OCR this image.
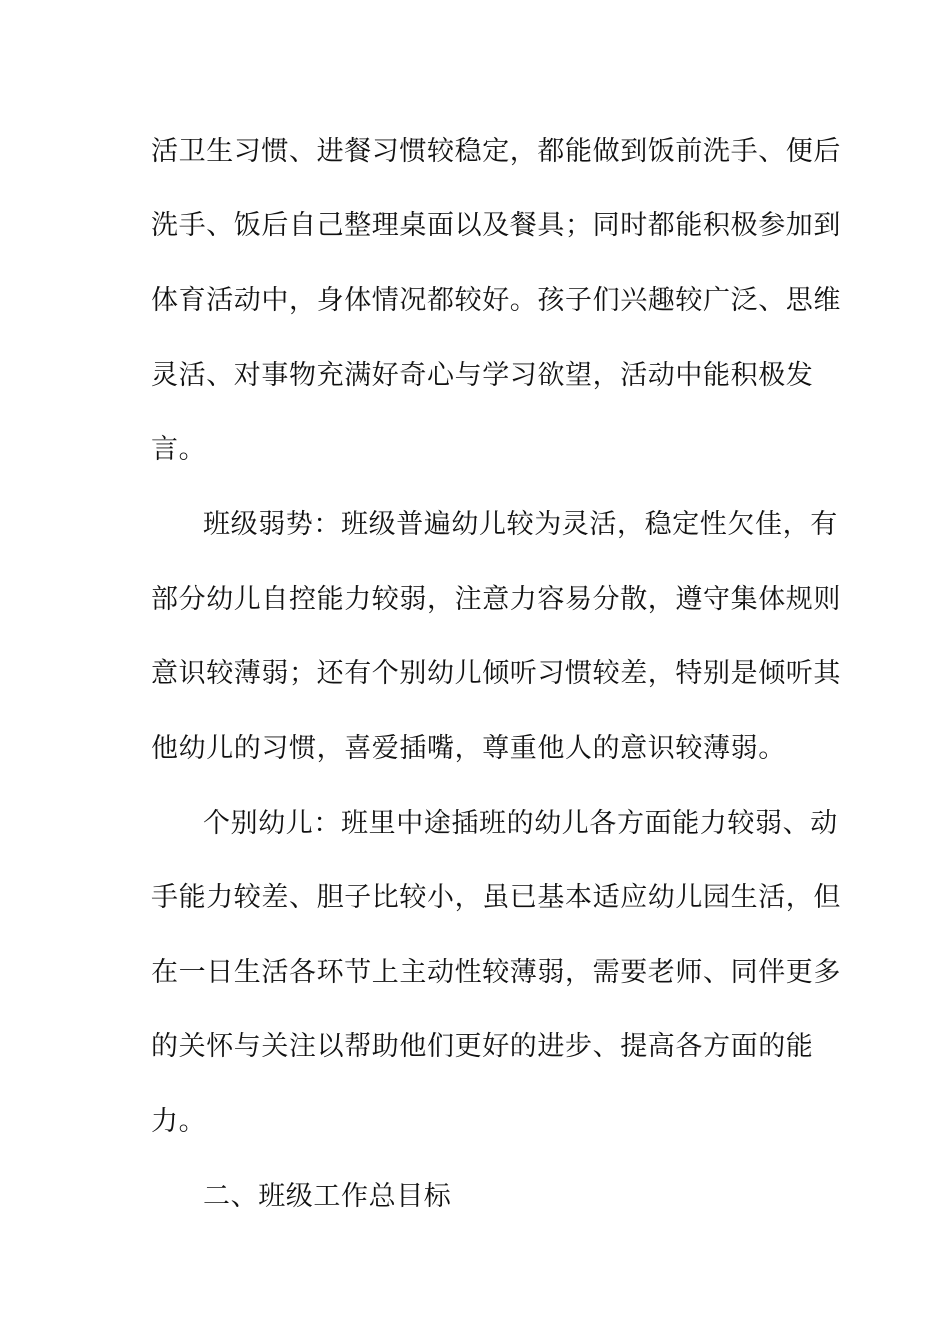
活卫生习惯、进餐习惯较稳定，都能做到饭前洗手、便后
洗手、饭后自己整理桌面以及餐具；同时都能积极参加到
体育活动中，身体情况都较好。孩子们兴趣较广泛、思维
灵活、对事物充满好奇心与学习欲望，活动中能积极发
言。
班级弱势：班级普遍幼儿较为灵活，稳定性欠佳，有
部分幼儿自控能力较弱，注意力容易分散，遵守集体规则
意识较薄弱；还有个别幼儿倾听习惯较差，特别是倾听其
他幼儿的习惯，喜爱插嘴，尊重他人的意识较薄弱。
个别幼儿：班里中途插班的幼儿各方面能力较弱、动
手能力较差、胆子比较小，虽已基本适应幼儿园生活，但
在一日生活各环节上主动性较薄弱，需要老师、同伴更多
的关怀与关注以帮助他们更好的进步、提高各方面的能
力。
二、班级工作总目标
